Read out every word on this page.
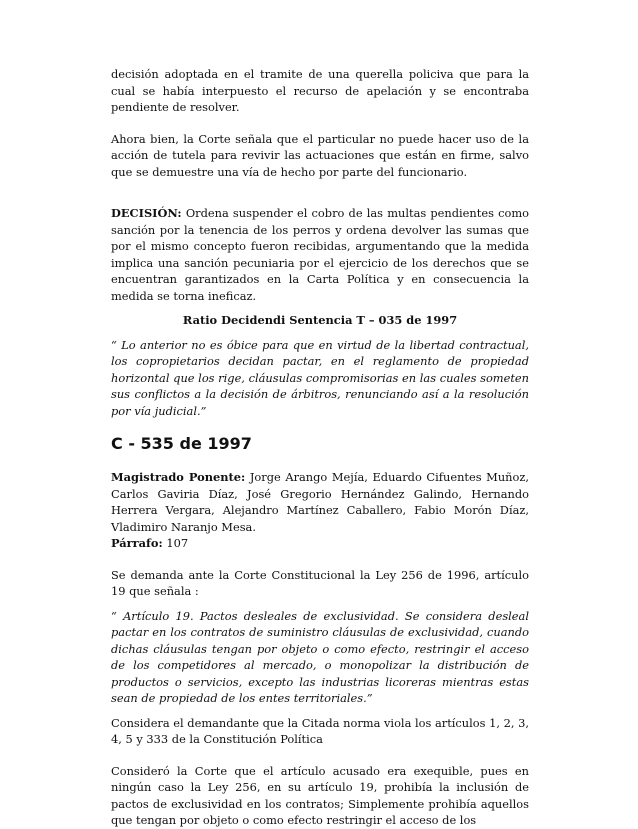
decisión adoptada en el tramite de una querella policiva que para la cual se había interpuesto el recurso de apelación y se encontraba pendiente de resolver.

Ahora bien, la Corte señala que el particular no puede hacer uso de la acción de tutela para revivir las actuaciones que están en firme, salvo que se demuestre una vía de hecho por parte del funcionario.

DECISIÓN: Ordena suspender el cobro de las multas pendientes como sanción por la tenencia de los perros y ordena devolver las sumas que por el mismo concepto fueron recibidas, argumentando que la medida implica una sanción pecuniaria por el ejercicio de los derechos que se encuentran garantizados en la Carta Política y en consecuencia la medida se torna ineficaz.

Ratio Decidendi Sentencia T – 035 de 1997

“ Lo anterior no es óbice para que en virtud de la libertad contractual, los copropietarios decidan pactar, en el reglamento de propiedad horizontal que los rige, cláusulas compromisorias en las cuales someten sus conflictos a la decisión de árbitros, renunciando así a la resolución por vía judicial.”

C - 535 de 1997

Magistrado Ponente: Jorge Arango Mejía, Eduardo Cifuentes Muñoz, Carlos Gaviria Díaz, José Gregorio Hernández Galindo, Hernando Herrera Vergara, Alejandro Martínez Caballero, Fabio Morón Díaz, Vladimiro Naranjo Mesa.

Párrafo: 107

Se demanda ante la Corte Constitucional la Ley 256 de 1996, artículo 19 que señala :

“ Artículo 19. Pactos desleales de exclusividad. Se considera desleal pactar en los contratos de suministro cláusulas de exclusividad, cuando dichas cláusulas tengan por objeto o como efecto, restringir el acceso de los competidores al mercado, o monopolizar la distribución de productos o servicios, excepto las industrias licoreras mientras estas sean de propiedad de los entes territoriales.”

Considera el demandante que la Citada norma viola los artículos 1, 2, 3, 4, 5 y 333 de la Constitución Política

Consideró la Corte que el artículo acusado era exequible, pues en ningún caso la Ley 256, en su artículo 19, prohibía la inclusión de pactos de exclusividad en los contratos; Simplemente prohibía aquellos que tengan por objeto o como efecto restringir el acceso de los
